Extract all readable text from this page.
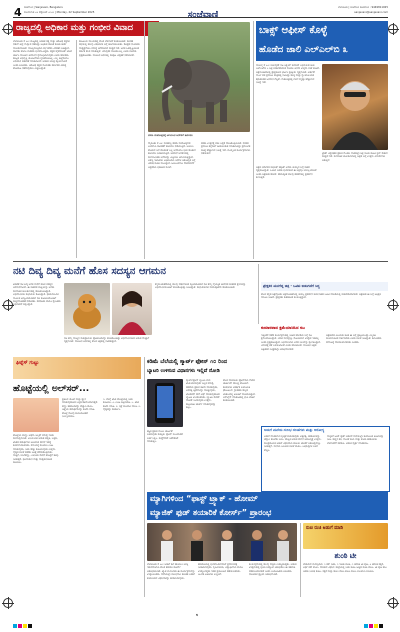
4 ಸಂಜೆವಾಣಿ | Sanjevani, Bengaluru
ಸೋಮವಾರ ೨೨ ಸೆಪ್ಟೆಂಬರ್ ೨೦೨೫ | Monday, 22 September 2025	ಸಂಜೆವಾಣಿ
ಬೆಂಗಳೂರು | ಸಂಜೆವಾಣಿ ದೂರವಾಣಿ : 9449811925
sanjevani@sanjevani.com
ರಾಜ್ಯದಲ್ಲಿ ಅಧಿಕಾರ ಮತ್ತು ಗಂಭೀರ ವಿವಾದ
ಬೆಂಗಳೂರು ಸೆ ೨೨: ರಾಜ್ಯದಲ್ಲಿ ಆಡಳಿತ ಪಕ್ಷ ಮತ್ತು ವಿರೋಧ ಪಕ್ಷಗಳ ನಡುವೆ ತೀವ್ರ ವಾಗ್ವಾದ ನಡೆದಿದ್ದು ಅಧಿಕಾರ ಹಂಚಿಕೆ ಕುರಿತು ಚರ್ಚೆ ಮುಂದುವರಿದಿದೆ. ಮುಖ್ಯಮಂತ್ರಿಗಳು ಸಭೆ ಕರೆದು ವಿವರಣೆ ನೀಡಿದ್ದಾರೆ. ಸಚಿವರು ಹಾಗೂ ಶಾಸಕರು ಭಾಗವಹಿಸಿದ್ದರು. ಪಕ್ಷದ ಹೈಕಮಾಂಡ್ ಜೊತೆ ಚರ್ಚಿಸಿ ಮುಂದಿನ ತೀರ್ಮಾನ ಕೈಗೊಳ್ಳಲಾಗುವುದು ಎಂದು ಹೇಳಿದರು. ರಾಜ್ಯದ ಅಭಿವೃದ್ಧಿ ಯೋಜನೆಗಳು ಸ್ಥಗಿತಗೊಂಡಿಲ್ಲ. ಎಲ್ಲ ಜಿಲ್ಲೆಗಳಿಗೂ ಅನುದಾನ ಬಿಡುಗಡೆ ಮಾಡಲಾಗಿದೆ. ಆಡಳಿತ ಯಂತ್ರ ಸಕ್ರಿಯವಾಗಿದೆ ಎಂದು ತಿಳಿಸಿದರು. ವಿರೋಧ ಪಕ್ಷದ ನಾಯಕರು ಸರ್ಕಾರದ ವಿರುದ್ಧ ಹೋರಾಟ ನಡೆಸುವುದಾಗಿ ಎಚ್ಚರಿಸಿದ್ದಾರೆ.
ರಾಜಕೀಯ ವಲಯದಲ್ಲಿ ಹೊಸ ಬೆಳವಣಿಗೆ ಕಂಡುಬಂದಿದೆ. ಶಾಸಕರ ಸಭೆಯಲ್ಲಿ ಹಲವು ವಿಷಯಗಳ ಬಗ್ಗೆ ಚರ್ಚಿಸಲಾಯಿತು. ಕೇಂದ್ರದ ನಾಯಕರು ಮಧ್ಯಪ್ರವೇಶಿಸಿ ಸಮಸ್ಯೆ ಬಗೆಹರಿಸುವ ಸಾಧ್ಯತೆ ಇದೆ. ಜನರ ಹಿತದೃಷ್ಟಿಯಿಂದ ಸರ್ಕಾರ ಕೆಲಸ ಮಾಡುತ್ತಿದೆ. ಯಾವುದೇ ಗೊಂದಲವಿಲ್ಲ ಎಂದು ಸಚಿವರು ಸ್ಪಷ್ಟಪಡಿಸಿದರು. ಮುಂದಿನ ದಿನಗಳಲ್ಲಿ ಸಂಪುಟ ವಿಸ್ತರಣೆ ನಡೆಯಲಿದೆ.
ದಸರಾ ಮಹೋತ್ಸವಕ್ಕೆ ಆಗಮಿಸಿದ ಆನೆಗಳಿಗೆ ತಾಲೀಮು
ಮೈಸೂರು ಸೆ ೨೨: ನಾಡಹಬ್ಬ ದಸರಾ ಮಹೋತ್ಸವದ ಅಂಗವಾಗಿ ಗಜಪಡೆಗೆ ತಾಲೀಮು ನಡೆಯುತ್ತಿದೆ. ಅಂಬಾರಿ ಹೊರುವ ಆನೆ ಸೇರಿದಂತೆ ಎಲ್ಲ ಆನೆಗಳಿಗೂ ಭಾರ ಹೊರುವ ತಾಲೀಮು ನೀಡಲಾಗುತ್ತಿದೆ. ಅರಮನೆ ಆವರಣದಲ್ಲಿ ಸಾರ್ವಜನಿಕರು ಆನೆಗಳನ್ನು ವೀಕ್ಷಿಸಲು ಆಗಮಿಸುತ್ತಿದ್ದಾರೆ. ಅರಣ್ಯ ಇಲಾಖೆಯ ಅಧಿಕಾರಿಗಳು ಆನೆಗಳ ಆರೋಗ್ಯದ ಬಗ್ಗೆ ವಿಶೇಷ ಕಾಳಜಿ ವಹಿಸಿದ್ದಾರೆ. ಜಂಬೂಸವಾರಿ ಮೆರವಣಿಗೆಗೆ ಸಿದ್ಧತೆಗಳು ಭರದಿಂದ ಸಾಗಿವೆ.
ದಸರಾ ಉತ್ಸವಕ್ಕೆ ಸಕಲ ಸಿದ್ಧತೆ ಮಾಡಿಕೊಳ್ಳಲಾಗಿದೆ. ನಗರದ ಪ್ರಮುಖ ರಸ್ತೆಗಳಿಗೆ ದೀಪಾಲಂಕಾರ ಮಾಡಲಾಗಿದ್ದು ಪ್ರವಾಸಿಗರ ಸಂಖ್ಯೆ ಹೆಚ್ಚಾಗುವ ನಿರೀಕ್ಷೆ ಇದೆ. ಸಾಂಸ್ಕೃತಿಕ ಕಾರ್ಯಕ್ರಮಗಳು ನಡೆಯಲಿವೆ.
ಬಾಕ್ಸ್ ಆಫೀಸ್ ಕೊಳ್ಳೆ
ಹೊಡೆದ ಜಾಲಿ ಎಲ್‌ಎಲ್‌ಬಿ ೩
ಮುಂಬೈ ಸೆ ೨೨: ಬಾಲಿವುಡ್ ನಟ ಅಕ್ಷಯ್ ಕುಮಾರ್ ಅಭಿನಯದ ಜಾಲಿ ಎಲ್‌ಎಲ್‌ಬಿ ೩ ಚಿತ್ರ ಬಿಡುಗಡೆಯಾದ ಮೊದಲ ದಿನವೇ ಉತ್ತಮ ಗಳಿಕೆ ಕಂಡಿದೆ. ಚಿತ್ರಮಂದಿರಗಳಲ್ಲಿ ಪ್ರೇಕ್ಷಕರಿಂದ ಭರ್ಜರಿ ಪ್ರತಿಕ್ರಿಯೆ ವ್ಯಕ್ತವಾಗಿದೆ. ಅರ್ಷದ್ ವಾರ್ಸಿ ಸಹ ಪ್ರಮುಖ ಪಾತ್ರದಲ್ಲಿ ನಟಿಸಿದ್ದು ಹಾಸ್ಯ ಮತ್ತು ನ್ಯಾಯಾಲಯದ ಕಥಾಹಂದರ ಜನಮನ ಗೆದ್ದಿದೆ. ವಾರಾಂತ್ಯದಲ್ಲಿ ಗಳಿಕೆ ಇನ್ನಷ್ಟು ಹೆಚ್ಚಾಗುವ ನಿರೀಕ್ಷೆ ಇದೆ.
ಚಿತ್ರದ ನಿರ್ದೇಶಕ ಸುಭಾಷ್ ಕಪೂರ್ ಅವರು ಯಶಸ್ಸಿನ ಬಗ್ಗೆ ಸಂತಸ ವ್ಯಕ್ತಪಡಿಸಿದ್ದಾರೆ. ಹಿಂದಿನ ಎರಡು ಭಾಗಗಳಂತೆ ಈ ಚಿತ್ರವೂ ಯಶಸ್ವಿಯಾಗಿದೆ ಎಂದು ಚಿತ್ರತಂಡ ಹೇಳಿದೆ. ದೇಶಾದ್ಯಂತ ಹಲವು ಪರದೆಗಳಲ್ಲಿ ಪ್ರದರ್ಶನ ಕಾಣುತ್ತಿದೆ.
ಟ್ರೇಡ್ ವಿಶ್ಲೇಷಕರ ಪ್ರಕಾರ ಮೊದಲ ವಾರದಲ್ಲೇ ಚಿತ್ರ ನೂರು ಕೋಟಿ ಕ್ಲಬ್ ಸೇರುವ ಸಾಧ್ಯತೆ ಇದೆ. ಸಾಮಾಜಿಕ ಜಾಲತಾಣಗಳಲ್ಲಿ ಚಿತ್ರದ ಬಗ್ಗೆ ಉತ್ತಮ ವಿಮರ್ಶೆಗಳು ಬರುತ್ತಿವೆ.
ನಟಿ ದಿವ್ಯ ದಿವ್ಯ ಮನೆಗೆ ಹೊಸ ಸದಸ್ಯನ ಆಗಮನ
ಕಿರುತೆರೆ ನಟಿ ದಿವ್ಯ ಅವರ ಮನೆಗೆ ಹೊಸ ಸದಸ್ಯನ ಆಗಮನವಾಗಿದೆ. ಈ ಸಂತಸದ ಸುದ್ದಿಯನ್ನು ಅವರು ಸಾಮಾಜಿಕ ಜಾಲತಾಣದಲ್ಲಿ ಹಂಚಿಕೊಂಡಿದ್ದಾರೆ. ಅಭಿಮಾನಿಗಳು ಶುಭಾಶಯ ಕೋರಿದ್ದಾರೆ. ಧಾರಾವಾಹಿಗಳ ಮೂಲಕ ಜನಪ್ರಿಯರಾಗಿರುವ ನಟಿ ಕುಟುಂಬದೊಂದಿಗೆ ಸಂಭ್ರಮಾಚರಣೆ ನಡೆಸಿದರು. ಸಹನಟರು ಹಾಗೂ ಸ್ನೇಹಿತರು ಅಭಿನಂದನೆ ಸಲ್ಲಿಸಿದ್ದಾರೆ.
ನಟಿ ತಮ್ಮ ಮುದ್ದಿನ ಸಾಕುಪ್ರಾಣಿಯ ಫೋಟೋಗಳನ್ನು ಹಂಚಿಕೊಂಡಿದ್ದು ಅಭಿಮಾನಿಗಳಿಂದ ಅಪಾರ ಮೆಚ್ಚುಗೆ ವ್ಯಕ್ತವಾಗಿದೆ. ಮುಂದಿನ ದಿನಗಳಲ್ಲಿ ಹೊಸ ಚಿತ್ರದಲ್ಲಿ ನಟಿಸಲಿದ್ದಾರೆ.
ಕನ್ನಡ ಕಿರುತೆರೆಯಲ್ಲಿ ಹಲವು ವರ್ಷಗಳಿಂದ ಸಕ್ರಿಯರಾಗಿರುವ ನಟಿ ತಮ್ಮ ವೈಯಕ್ತಿಕ ಜೀವನದ ಸಂತಸದ ಕ್ಷಣಗಳನ್ನು ಅಭಿಮಾನಿಗಳೊಂದಿಗೆ ಹಂಚಿಕೊಳ್ಳುತ್ತಾ ಬಂದಿದ್ದಾರೆ. ಶುಭಾಶಯಗಳ ಮಹಾಪೂರವೇ ಹರಿದುಬಂದಿದೆ.	ಪ್ರೇಕ್ಷಕರ ಮನಗೆದ್ದ ಚಿತ್ರ - ಒಟಿಟಿ ಬಿಡುಗಡೆಗೆ ಸಿದ್ಧ
ಹೊಸ ಕನ್ನಡ ಚಿತ್ರವೊಂದು ಚಿತ್ರಮಂದಿರಗಳಲ್ಲಿ ಯಶಸ್ವಿ ಪ್ರದರ್ಶನ ಕಂಡ ನಂತರ ಒಟಿಟಿ ವೇದಿಕೆಯಲ್ಲಿ ಬಿಡುಗಡೆಯಾಗಲಿದೆ. ಚಿತ್ರತಂಡ ಈ ಬಗ್ಗೆ ಅಧಿಕೃತ ಮಾಹಿತಿ ನೀಡಿದೆ. ಪ್ರೇಕ್ಷಕರು ಕಾತರದಿಂದ ಕಾಯುತ್ತಿದ್ದಾರೆ.
ಕುಮಾರವಾದ ಕ್ಷಮೆಯಾಚಿಸಿದ ನಟ
ಇತ್ತೀಚೆಗೆ ನಡೆದ ಕಾರ್ಯಕ್ರಮದಲ್ಲಿ ನೀಡಿದ ಹೇಳಿಕೆಯ ಬಗ್ಗೆ ನಟ ಕ್ಷಮೆಯಾಚಿಸಿದ್ದಾರೆ. ಯಾರ ಮನಸ್ಸನ್ನೂ ನೋಯಿಸುವ ಉದ್ದೇಶ ಇರಲಿಲ್ಲ ಎಂದು ಸ್ಪಷ್ಟಪಡಿಸಿದ್ದಾರೆ. ಅಭಿಮಾನಿಗಳು ಅವರ ನಿಲುವನ್ನು ಸ್ವಾಗತಿಸಿದ್ದಾರೆ. ವಿವಾದಕ್ಕೆ ತೆರೆ ಎಳೆಯಲಾಗಿದೆ ಎಂದು ಹೇಳಲಾಗಿದೆ. ಮುಂದಿನ ಚಿತ್ರದ ಚಿತ್ರೀಕರಣ ಶೀಘ್ರದಲ್ಲೇ ಆರಂಭವಾಗಲಿದೆ.
ಚಿತ್ರರಂಗದ ಹಿರಿಯರು ಕೂಡ ಈ ಬಗ್ಗೆ ಪ್ರತಿಕ್ರಿಯಿಸಿದ್ದು ಎಲ್ಲರೂ ಸಂಯಮದಿಂದ ವರ್ತಿಸಬೇಕು ಎಂದು ಸಲಹೆ ನೀಡಿದ್ದಾರೆ. ಕಲಾವಿದರು ಸಮಾಜಕ್ಕೆ ಮಾದರಿಯಾಗಬೇಕು ಎಂದರು.
ಫಿಟ್ನೆಸ್ ಗುಟ್ಟು
ಹೊಟ್ಟೆಯಲ್ಲಿ ಅಲ್‌ಸರ್...
ಹೊಟ್ಟೆಯ ಹುಣ್ಣು ಅಥವಾ ಅಲ್ಸರ್ ಸಮಸ್ಯೆ ಇಂದು ಸಾಮಾನ್ಯವಾಗಿದೆ. ಅನಿಯಮಿತ ಆಹಾರ ಪದ್ಧತಿ, ಒತ್ತಡ, ಖಾರದ ಪದಾರ್ಥಗಳ ಅತಿಯಾದ ಸೇವನೆ ಇದಕ್ಕೆ ಕಾರಣವಾಗಬಹುದು. ಸಮಯಕ್ಕೆ ಸರಿಯಾಗಿ ಊಟ ಮಾಡುವುದು, ನೀರು ಹೆಚ್ಚು ಕುಡಿಯುವುದು ಉತ್ತಮ. ವೈದ್ಯರ ಸಲಹೆ ಪಡೆದು ಚಿಕಿತ್ಸೆ ತೆಗೆದುಕೊಳ್ಳಬೇಕು. ಮಜ್ಜಿಗೆ, ಬಾಳೆಹಣ್ಣು, ಎಳನೀರು ಸೇವನೆ ಹೊಟ್ಟೆಗೆ ತಂಪು ನೀಡುತ್ತದೆ. ಧೂಮಪಾನ ಮತ್ತು ಮದ್ಯಪಾನದಿಂದ ದೂರವಿರಿ.
ಪ್ರತಿದಿನ ಯೋಗ ಮತ್ತು ಧ್ಯಾನ ಮಾಡುವುದರಿಂದ ಒತ್ತಡ ಕಡಿಮೆಯಾಗುತ್ತದೆ. ಹಣ್ಣು ತರಕಾರಿಗಳನ್ನು ಹೆಚ್ಚಾಗಿ ಸೇವಿಸಿ. ಎಣ್ಣೆಯ ಪದಾರ್ಥಗಳನ್ನು ಕಡಿಮೆ ಮಾಡಿ. ಹೊಟ್ಟೆ ನೋವು ಕಾಣಿಸಿಕೊಂಡರೆ ನಿರ್ಲಕ್ಷಿಸಬೇಡಿ.
೧. ಬೆಳಿಗ್ಗೆ ಖಾಲಿ ಹೊಟ್ಟೆಯಲ್ಲಿ ನೀರು ಕುಡಿಯಿರಿ. ೨. ಊಟ ತಪ್ಪಿಸಬೇಡಿ. ೩. ಖಾರ ಕಡಿಮೆ ಮಾಡಿ. ೪. ನಿದ್ರೆ ಸರಿಯಾಗಿ ಮಾಡಿ. ೫. ವೈದ್ಯರನ್ನು ಸಂಪರ್ಕಿಸಿ.
ಕಡಿಮೆ ಬೆಲೆಯಲ್ಲಿ ಸ್ಮಾರ್ಟ್ ಫೋನ್ ೧೦ ರಿಂದ
ಬ್ಯಾಟರಿ ಉಳಿಸುವ ವಿಧಾನಗಳು ಇಲ್ಲಿವೆ ನೋಡಿ
ಸ್ಮಾರ್ಟ್‌ಫೋನ್ ಬ್ಯಾಟರಿ ಬೇಗ ಖಾಲಿಯಾಗುವುದು ಎಲ್ಲರ ಸಮಸ್ಯೆ. ಪರದೆಯ ಪ್ರಕಾಶ ಕಡಿಮೆ ಮಾಡುವುದು, ಅನಗತ್ಯ ಆ್ಯಪ್‌ಗಳನ್ನು ಮುಚ್ಚುವುದು, ಲೊಕೇಶನ್ ಸೇವೆ ಆಫ್ ಮಾಡುವುದರಿಂದ ಬ್ಯಾಟರಿ ಉಳಿಸಬಹುದು. ಬ್ಯಾಟರಿ ಸೇವರ್ ಮೋಡ್ ಬಳಸುವುದು ಉತ್ತಮ. ರಾತ್ರಿಯಿಡೀ ಚಾರ್ಜ್ ಮಾಡುವುದನ್ನು ತಪ್ಪಿಸಿ.
ಹೊಸ ಮಾದರಿಯ ಫೋನ್‌ಗಳು ವೇಗದ ಚಾರ್ಜಿಂಗ್ ಸೌಲಭ್ಯ ಹೊಂದಿವೆ. ಕಂಪನಿಗಳು ಆಕರ್ಷಕ ರಿಯಾಯಿತಿ ಘೋಷಿಸಿವೆ. ಗ್ರಾಹಕರು ಹಬ್ಬದ ಋತುವಿನಲ್ಲಿ ಖರೀದಿಗೆ ಮುಂದಾಗಿದ್ದಾರೆ. ಆನ್‌ಲೈನ್ ಮಾರಾಟದಲ್ಲಿ ಭಾರಿ ಬೇಡಿಕೆ ಕಂಡುಬಂದಿದೆ.
ತಜ್ಞರ ಪ್ರಕಾರ ಮೂಲ ಚಾರ್ಜರ್ ಬಳಸುವುದು ಸುರಕ್ಷಿತ. ಫೋನ್ ಬಿಸಿಯಾದರೆ ಬಳಕೆ ನಿಲ್ಲಿಸಿ. ಸಾಫ್ಟ್‌ವೇರ್ ಅಪ್‌ಡೇಟ್ ಮಾಡುತ್ತಿರಿ.
ಅಡುಗೆ ಮನೆಯ ಸುಲಭ ಸಲಹೆಗಳು ಮತ್ತು ಆರೋಗ್ಯ
ಅಡುಗೆ ಮಾಡುವಾಗ ಸ್ವಚ್ಛತೆ ಕಾಪಾಡುವುದು ಅತ್ಯಗತ್ಯ. ತರಕಾರಿಗಳನ್ನು ಚೆನ್ನಾಗಿ ತೊಳೆದು ಬಳಸಿ. ಪೌಷ್ಟಿಕ ಆಹಾರ ಸೇವನೆ ಆರೋಗ್ಯಕ್ಕೆ ಉತ್ತಮ. ಸಾಂಪ್ರದಾಯಿಕ ಅಡುಗೆ ವಿಧಾನಗಳು ರುಚಿಯ ಜೊತೆಗೆ ಆರೋಗ್ಯವನ್ನೂ ನೀಡುತ್ತವೆ. ಮನೆಯ ಹಿರಿಯರ ಸಲಹೆ ಪಾಲಿಸಿ. ಸಿರಿಧಾನ್ಯಗಳ ಬಳಕೆ ಹೆಚ್ಚಿಸಿ.
ಮಕ್ಕಳಿಗೆ ಜಂಕ್ ಫುಡ್ ಬದಲಿಗೆ ಮನೆಯಲ್ಲೇ ತಯಾರಿಸಿದ ತಿಂಡಿಗಳನ್ನು ನೀಡಿ. ಹಣ್ಣಿನ ರಸ, ಮೊಳಕೆ ಕಾಳು ಮತ್ತು ಹಸಿರು ತರಕಾರಿಗಳು ಬೆಳವಣಿಗೆಗೆ ಸಹಕಾರಿ. ಆಹಾರ ವ್ಯರ್ಥ ಮಾಡಬೇಡಿ.
ಮ್ಯಾಗಿಗಳಿಂದ “ಫಾಸ್ಟ್ ಟ್ರ್ಯಾಕ್ - ಹೋಮ್
ಮ್ಯಾಜಿಕ್ ಫುಡ್ ತಯಾರಿಕೆ ಕೋರ್ಸ್” ಪ್ರಾರಂಭ
ಬೆಂಗಳೂರು ಸೆ ೨೨: ಅಡುಗೆ ಕಲೆ ಕಲಿಯಲು ಆಸಕ್ತಿ ಇರುವವರಿಗಾಗಿ ಹೊಸ ತರಬೇತಿ ಕೋರ್ಸ್ ಆರಂಭಿಸಲಾಗಿದೆ. ಖ್ಯಾತ ಬಾಣಸಿಗರು ಈ ಕಾರ್ಯಕ್ರಮವನ್ನು ಉದ್ಘಾಟಿಸಿದರು. ಮನೆಯಲ್ಲೇ ಸುಲಭವಾಗಿ ರುಚಿಕರ ಅಡುಗೆ ತಯಾರಿಸುವ ವಿಧಾನಗಳನ್ನು ಕಲಿಸಲಾಗುವುದು.
ತರಬೇತಿಯಲ್ಲಿ ಭಾಗವಹಿಸುವವರಿಗೆ ಪ್ರಮಾಣಪತ್ರ ನೀಡಲಾಗುವುದು. ಗೃಹಿಣಿಯರು, ವಿದ್ಯಾರ್ಥಿಗಳು ಹಾಗೂ ಉದ್ಯೋಗಸ್ಥರು ಇದರ ಪ್ರಯೋಜನ ಪಡೆಯಬಹುದು. ಸೀಮಿತ ಸೀಟುಗಳು ಲಭ್ಯವಿವೆ.
ಕಾರ್ಯಕ್ರಮದಲ್ಲಿ ಹಲವು ಗಣ್ಯರು ಉಪಸ್ಥಿತರಿದ್ದರು. ಆಹಾರ ಉದ್ಯಮದಲ್ಲಿ ಸ್ವಂತ ಉದ್ಯೋಗ ಆರಂಭಿಸಲು ಈ ತರಬೇತಿ ಸಹಕಾರಿಯಾಗಲಿದೆ ಎಂದು ಆಯೋಜಕರು ತಿಳಿಸಿದರು. ನೋಂದಣಿ ಪ್ರಕ್ರಿಯೆ ಆರಂಭವಾಗಿದೆ.
ರುಚಿ ರುಚಿ ಅಡುಗೆ ಮಾಡಿ
ಶುಂಠಿ ಟೀ
ಬೇಕಾಗುವ ಸಾಮಗ್ರಿಗಳು: ೧ ಕಪ್ ನೀರು, ೧ ಇಂಚು ಶುಂಠಿ, ೧ ಚಮಚ ಟೀ ಪುಡಿ, ೨ ಚಮಚ ಸಕ್ಕರೆ, ಅರ್ಧ ಕಪ್ ಹಾಲು. ಮಾಡುವ ವಿಧಾನ: ಪಾತ್ರೆಯಲ್ಲಿ ನೀರು ಕುದಿಸಿ ಜಜ್ಜಿದ ಶುಂಠಿ ಸೇರಿಸಿ. ಟೀ ಪುಡಿ ಹಾಕಿ ಎರಡು ನಿಮಿಷ ಕುದಿಸಿ. ಸಕ್ಕರೆ ಮತ್ತು ಹಾಲು ಸೇರಿಸಿ ಕುದಿಸಿ ಸೋಸಿ ಬಿಸಿಯಾಗಿ ಸವಿಯಿರಿ.
೪
